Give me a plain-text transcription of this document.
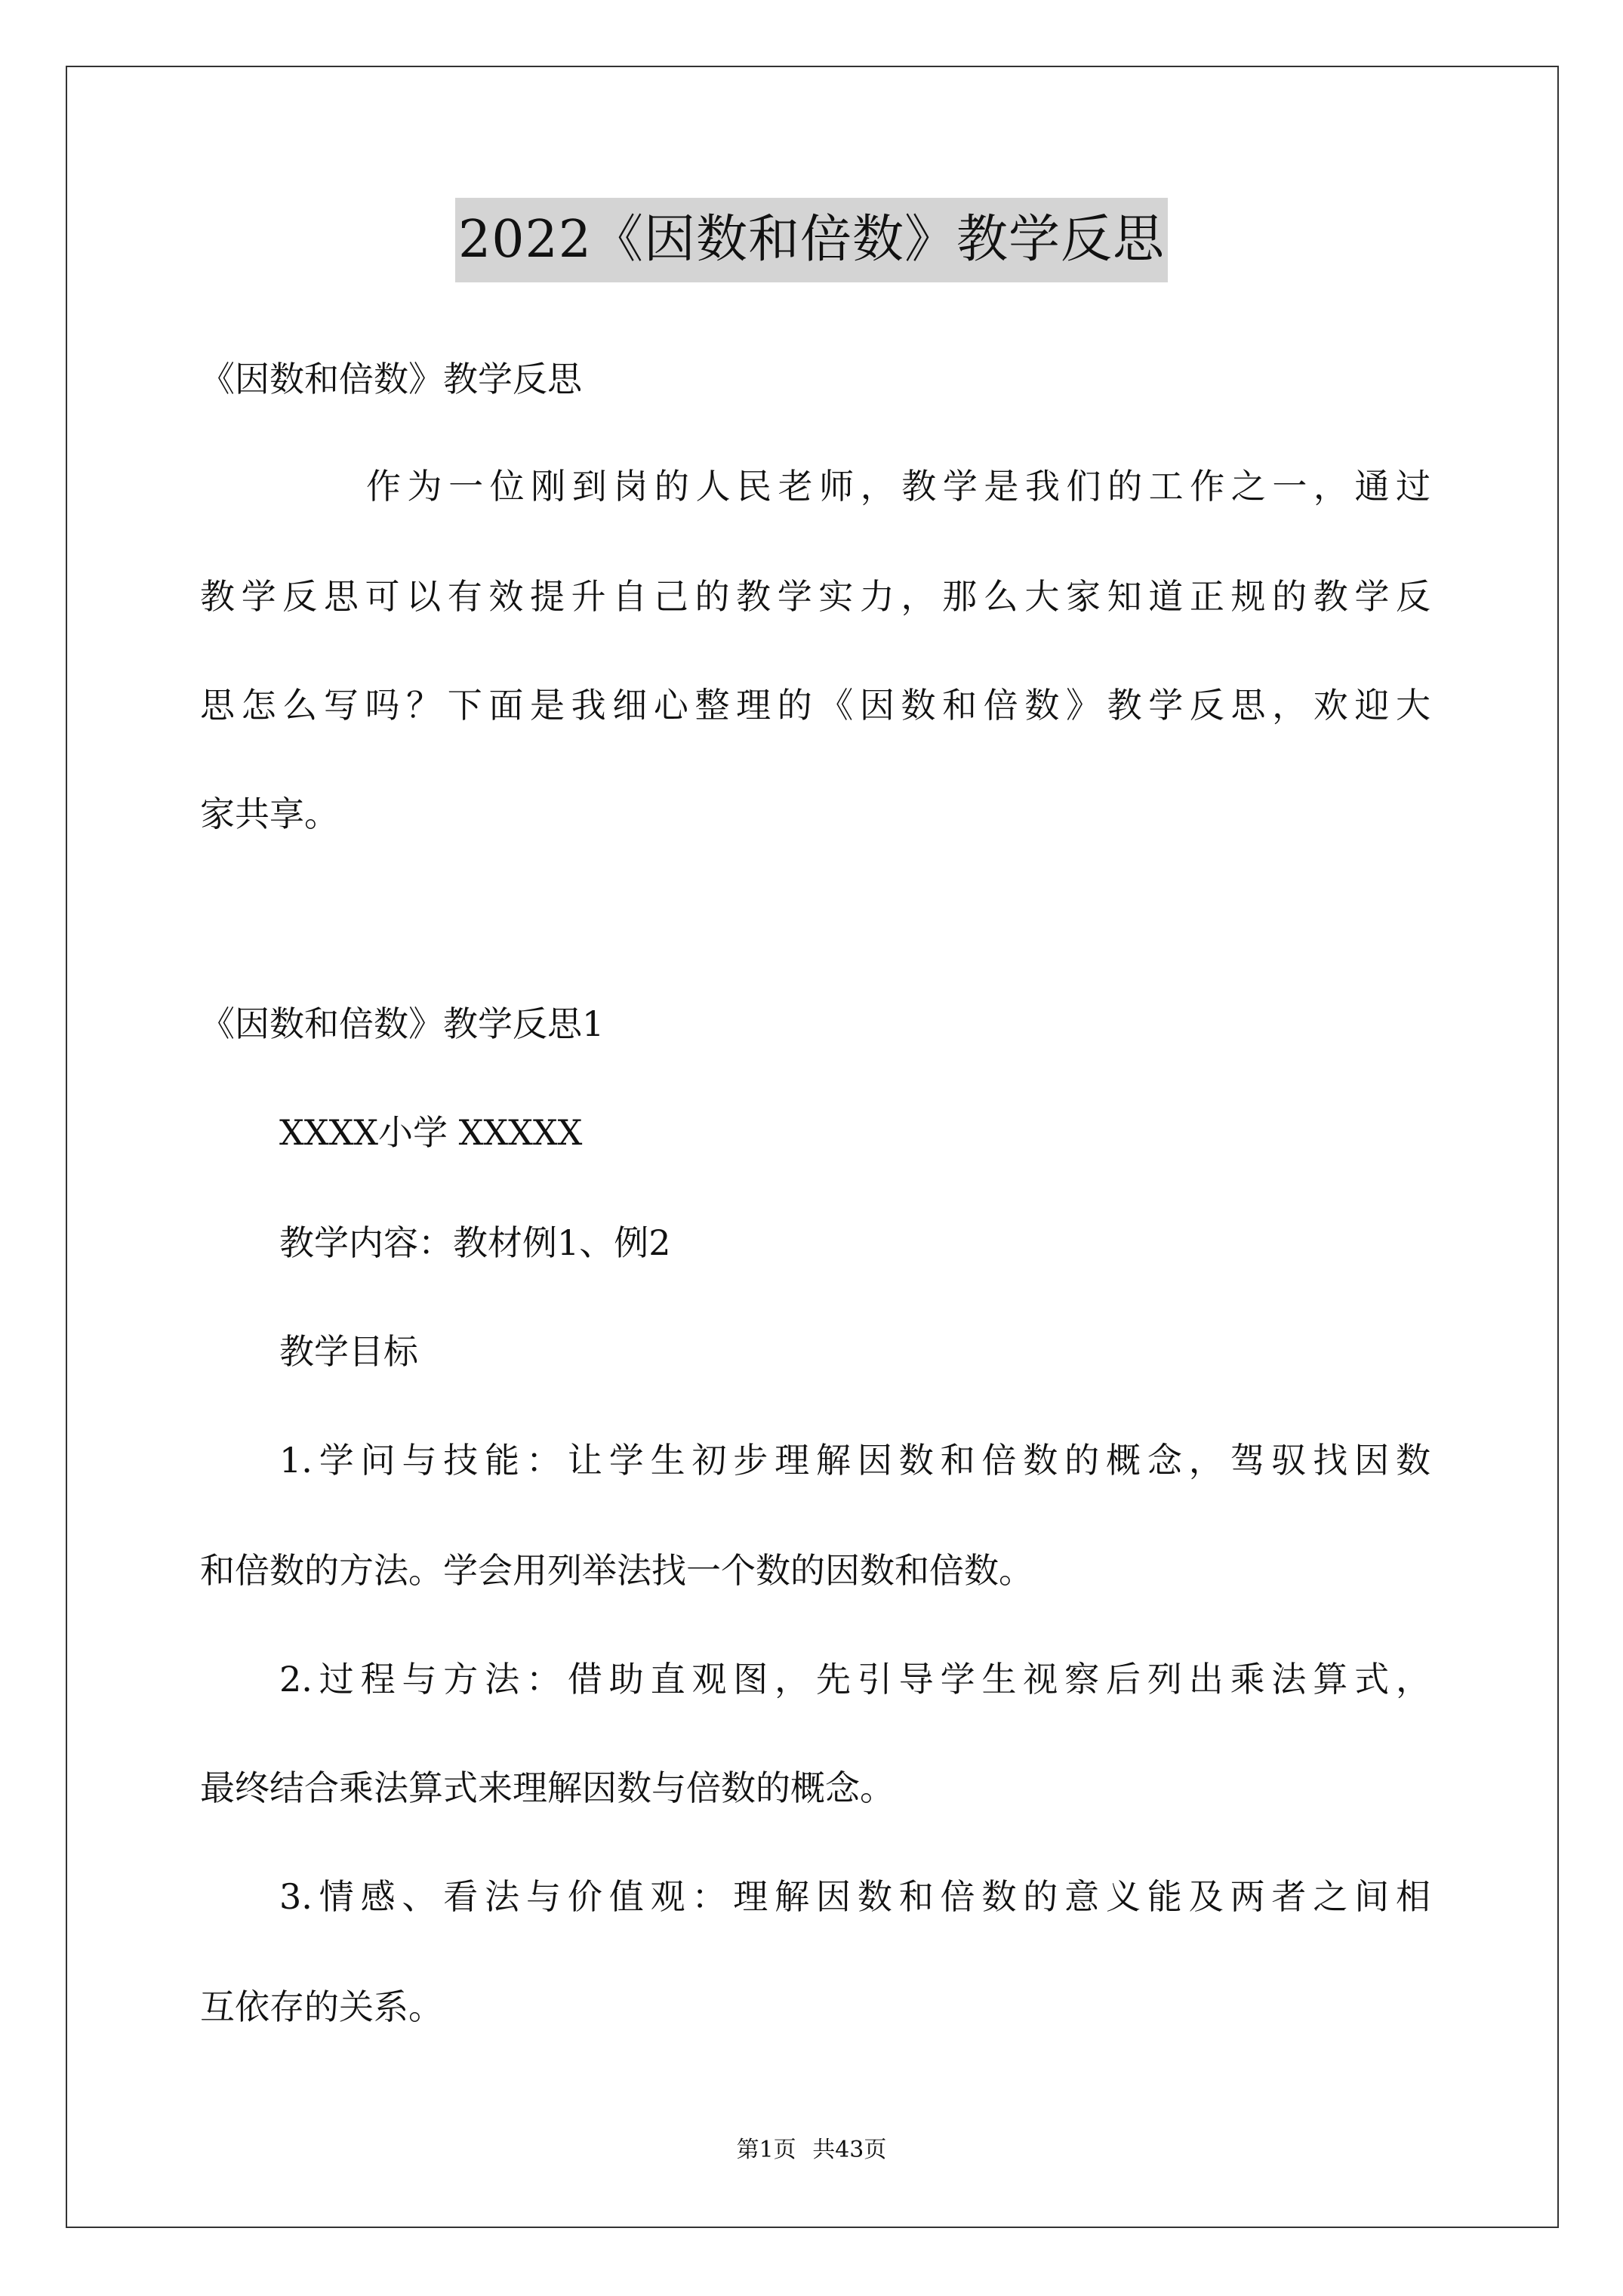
2022《因数和倍数》教学反思
《因数和倍数》教学反思
作为一位刚到岗的人民老师，教学是我们的工作之一，通过
教学反思可以有效提升自己的教学实力，那么大家知道正规的教学反
思怎么写吗？下面是我细心整理的《因数和倍数》教学反思，欢迎大
家共享。
《因数和倍数》教学反思1
XXXX小学 XXXXX
教学内容：教材例1、例2
教学目标
1.学问与技能：让学生初步理解因数和倍数的概念，驾驭找因数
和倍数的方法。学会用列举法找一个数的因数和倍数。
2.过程与方法：借助直观图，先引导学生视察后列出乘法算式，
最终结合乘法算式来理解因数与倍数的概念。
3.情感、看法与价值观：理解因数和倍数的意义能及两者之间相
互依存的关系。
第1页 共43页
